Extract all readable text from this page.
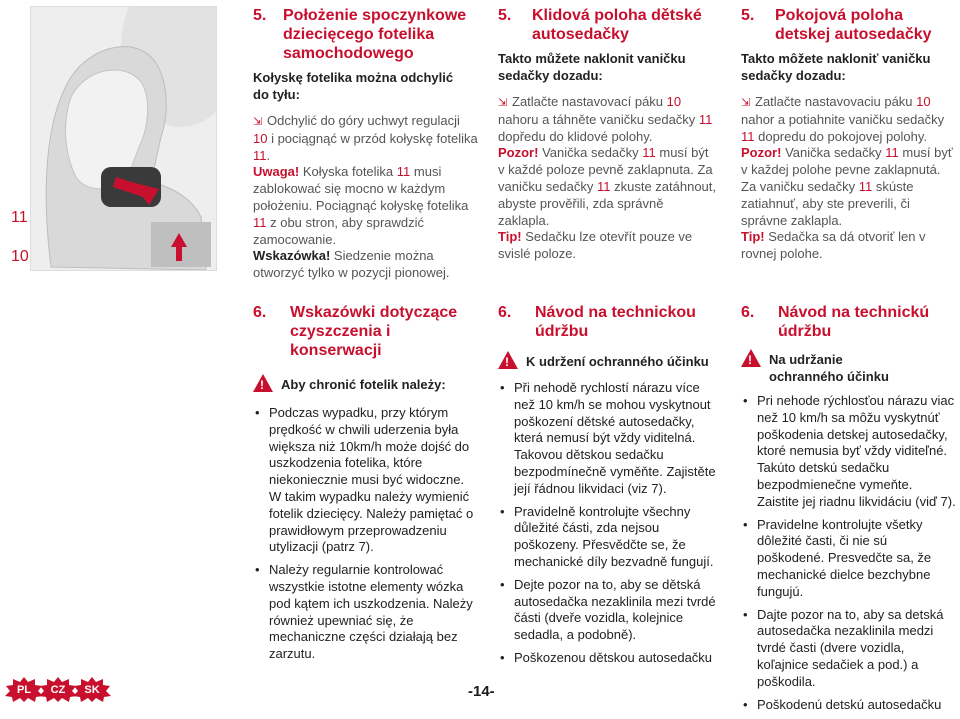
11
10
5. Położenie spoczynkowe dziecięcego fotelika samochodowego
Kołyskę fotelika można odchylić do tyłu:
⇲ Odchylić do góry uchwyt regulacji
10 i pociągnąć w przód kołyskę fotelika 11.
Uwaga! Kołyska fotelika 11 musi zablokować się mocno w każdym położeniu. Pociągnąć kołyskę fotelika 11 z obu stron, aby sprawdzić zamocowanie.
Wskazówka! Siedzenie można otworzyć tylko w pozycji pionowej.
5. Klidová poloha dětské autosedačky
Takto můžete naklonit vaničku sedačky dozadu:
⇲ Zatlačte nastavovací páku 10 nahoru a táhněte vaničku sedačky 11 dopředu do klidové polohy.
Pozor! Vanička sedačky 11 musí být v každé poloze pevně zaklapnuta. Za vaničku sedačky 11 zkuste zatáhnout, abyste prověřili, zda správně zaklapla.
Tip! Sedačku lze otevřít pouze ve svislé poloze.
5. Pokojová poloha detskej autosedačky
Takto môžete nakloniť vaničku sedačky dozadu:
⇲ Zatlačte nastavovaciu páku 10 nahor a potiahnite vaničku sedačky 11 dopredu do pokojovej polohy.
Pozor! Vanička sedačky 11 musí byť v každej polohe pevne zaklapnutá. Za vaničku sedačky 11 skúste zatiahnuť, aby ste preverili, či správne zaklapla.
Tip! Sedačka sa dá otvoriť len v rovnej polohe.
6. Wskazówki dotyczące czyszczenia i konserwacji
! Aby chronić fotelik należy:
• Podczas wypadku, przy którym prędkość w chwili uderzenia była większa niż 10km/h może dojść do uszkodzenia fotelika, które niekoniecznie musi być widoczne. W takim wypadku należy wymienić fotelik dziecięcy. Należy pamiętać o prawidłowym przeprowadzeniu utylizacji (patrz 7).
• Należy regularnie kontrolować wszystkie istotne elementy wózka pod kątem ich uszkodzenia. Należy również upewniać się, że mechaniczne części działają bez zarzutu.
6. Návod na technickou údržbu
! K udržení ochranného účinku
• Při nehodě rychlostí nárazu více než 10 km/h se mohou vyskytnout poškození dětské autosedačky, která nemusí být vždy viditelná. Takovou dětskou sedačku bezpodmínečně vyměňte. Zajistěte její řádnou likvidaci (viz 7).
• Pravidelně kontrolujte všechny důležité části, zda nejsou poškozeny. Přesvědčte se, že mechanické díly bezvadně fungují.
• Dejte pozor na to, aby se dětská autosedačka nezaklinila mezi tvrdé části (dveře vozidla, kolejnice sedadla, a podobně).
• Poškozenou dětskou autosedačku
6. Návod na technickú údržbu
! Na udržanie ochranného účinku
• Pri nehode rýchlosťou nárazu viac než 10 km/h sa môžu vyskytnúť poškodenia detskej autosedačky, ktoré nemusia byť vždy viditeľné. Takúto detskú sedačku bezpodmienečne vymeňte. Zaistite jej riadnu likvidáciu (viď 7).
• Pravidelne kontrolujte všetky dôležité časti, či nie sú poškodené. Presvedčte sa, že mechanické dielce bezchybne fungujú.
• Dajte pozor na to, aby sa detská autosedačka nezaklinila medzi tvrdé časti (dvere vozidla, koľajnice sedačiek a pod.) a poškodila.
• Poškodenú detskú autosedačku
PL CZ SK	-14-
